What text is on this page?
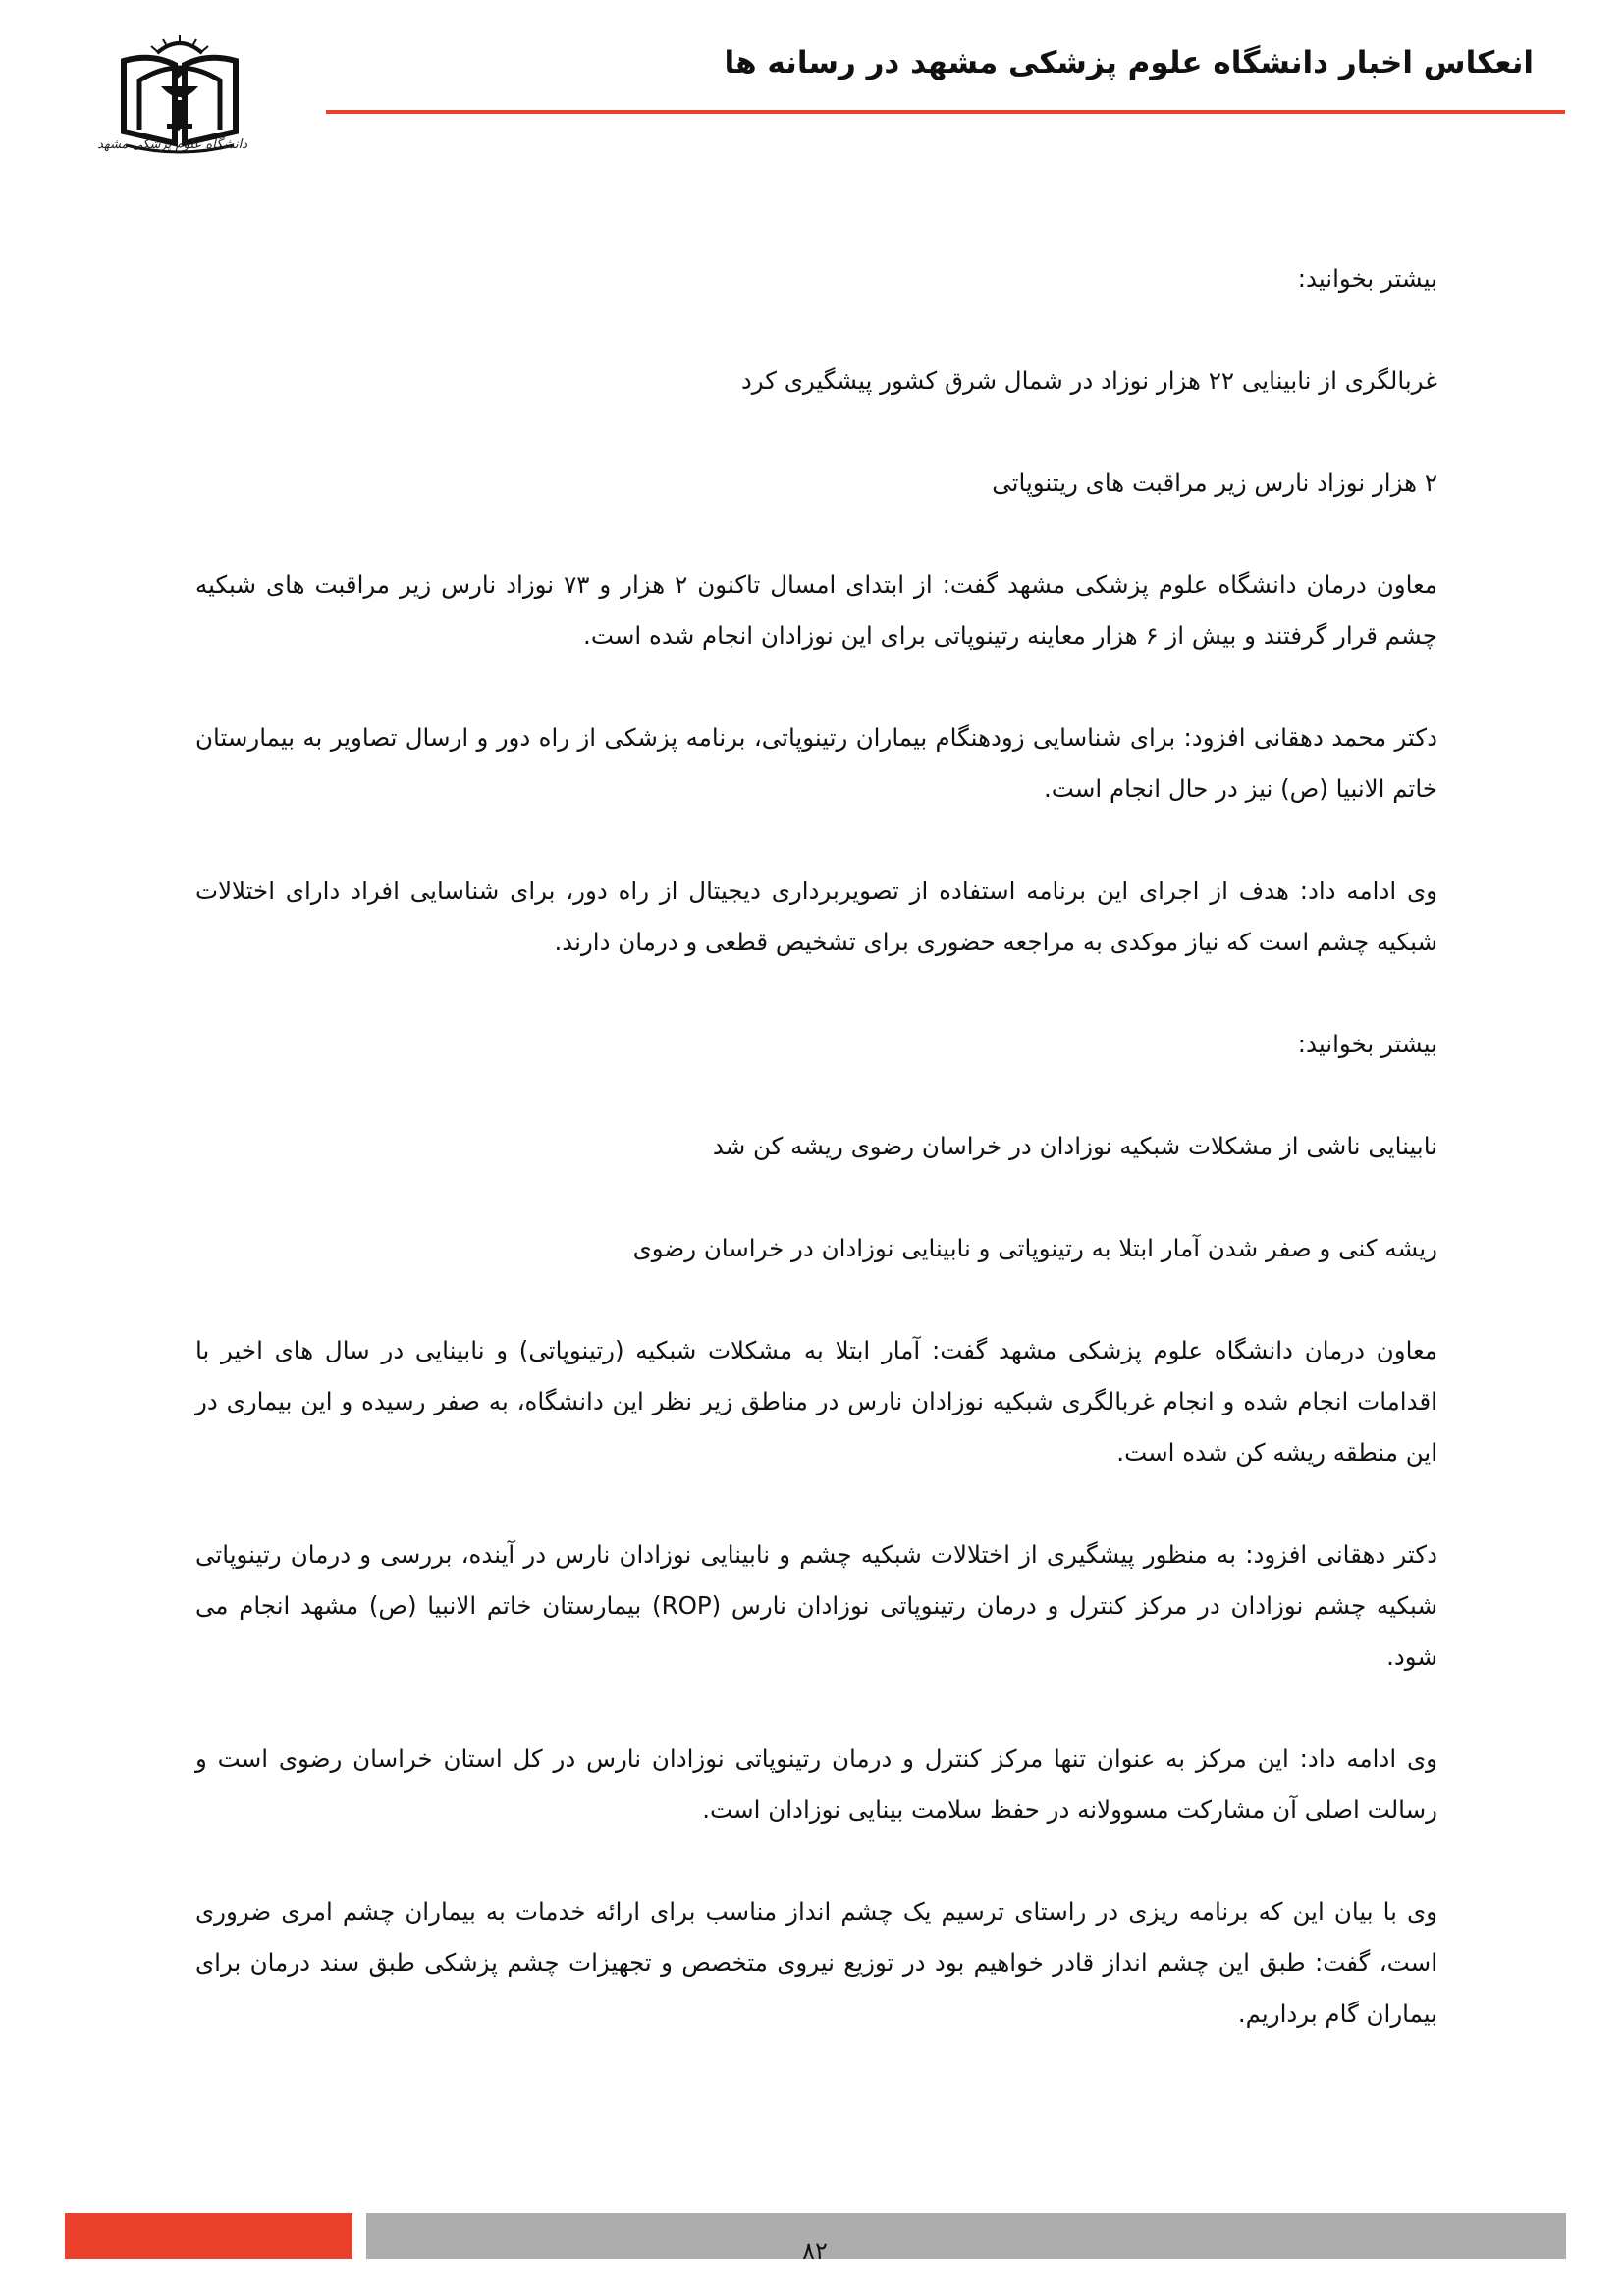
انعکاس اخبار دانشگاه علوم پزشکی مشهد در رسانه ها
دانشگاه علوم پزشکی مشهد

بیشتر بخوانید:

غربالگری از نابینایی ۲۲ هزار نوزاد در شمال شرق کشور پیشگیری کرد

۲ هزار نوزاد نارس زیر مراقبت های ریتنوپاتی

معاون درمان دانشگاه علوم پزشکی مشهد گفت: از ابتدای امسال تاکنون ۲ هزار و ۷۳ نوزاد نارس زیر مراقبت های شبکیه چشم قرار گرفتند و بیش از ۶ هزار معاینه رتینوپاتی برای این نوزادان انجام شده است.

دکتر محمد دهقانی افزود: برای شناسایی زودهنگام بیماران رتینوپاتی، برنامه پزشکی از راه دور و ارسال تصاویر به بیمارستان خاتم الانبیا (ص) نیز در حال انجام است.

وی ادامه داد: هدف از اجرای این برنامه استفاده از تصویربرداری دیجیتال از راه دور، برای شناسایی افراد دارای اختلالات شبکیه چشم است که نیاز موکدی به مراجعه حضوری برای تشخیص قطعی و درمان دارند.

بیشتر بخوانید:

نابینایی ناشی از مشکلات شبکیه نوزادان در خراسان رضوی ریشه کن شد

ریشه کنی و صفر شدن آمار ابتلا به رتینوپاتی و نابینایی نوزادان در خراسان رضوی

معاون درمان دانشگاه علوم پزشکی مشهد گفت: آمار ابتلا به مشکلات شبکیه (رتینوپاتی) و نابینایی در سال های اخیر با اقدامات انجام شده و انجام غربالگری شبکیه نوزادان نارس در مناطق زیر نظر این دانشگاه، به صفر رسیده و این بیماری در این منطقه ریشه کن شده است.

دکتر دهقانی افزود: به منظور پیشگیری از اختلالات شبکیه چشم و نابینایی نوزادان نارس در آینده، بررسی و درمان رتینوپاتی شبکیه چشم نوزادان در مرکز کنترل و درمان رتینوپاتی نوزادان نارس (ROP) بیمارستان خاتم الانبیا (ص) مشهد انجام می شود.

وی ادامه داد: این مرکز به عنوان تنها مرکز کنترل و درمان رتینوپاتی نوزادان نارس در کل استان خراسان رضوی است و رسالت اصلی آن مشارکت مسوولانه در حفظ سلامت بینایی نوزادان است.

وی با بیان این که برنامه ریزی در راستای ترسیم یک چشم انداز مناسب برای ارائه خدمات به بیماران چشم امری ضروری است، گفت: طبق این چشم انداز قادر خواهیم بود در توزیع نیروی متخصص و تجهیزات چشم پزشکی طبق سند درمان برای بیماران گام برداریم.

۸۲
